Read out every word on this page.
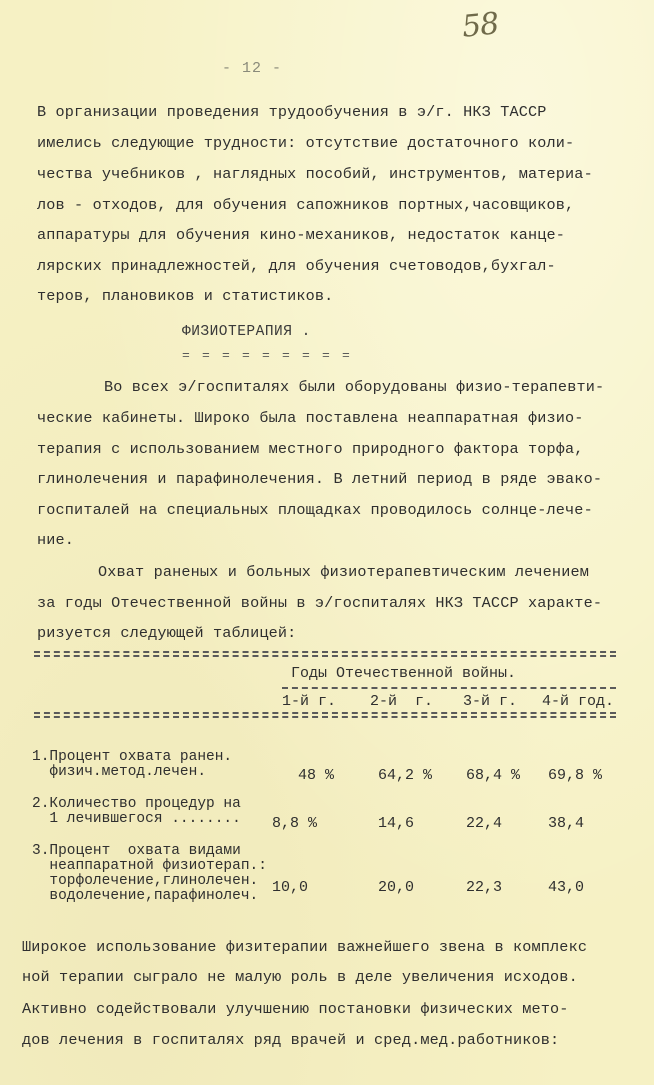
58
- 12 -
В организации проведения трудообучения в э/г. НКЗ ТАССР
имелись следующие трудности: отсутствие достаточного коли-
чества учебников , наглядных пособий, инструментов, материа-
лов - отходов, для обучения сапожников портных,часовщиков,
аппаратуры для обучения кино-механиков, недостаток канце-
лярских принадлежностей, для обучения счетоводов,бухгал-
теров, плановиков и статистиков.
ФИЗИОТЕРАПИЯ .
= = = = = = = = =
Во всех э/госпиталях были оборудованы физио-терапевти-
ческие кабинеты. Широко была поставлена неаппаратная физио-
терапия с использованием местного природного фактора торфа,
глинолечения и парафинолечения. В летний период в ряде эвако-
госпиталей на специальных площадках проводилось солнце-лече-
ние.
Охват раненых и больных физиотерапевтическим лечением
за годы Отечественной войны в э/госпиталях НКЗ ТАССР характе-
ризуется следующей таблицей:
Годы Отечественной войны.
1-й г. 2-й  г. 3-й г. 4-й год.
1.Процент охвата ранен.
физич.метод.лечен.	48 %	64,2 % 68,4 % 69,8 %
2.Количество процедур на
1 лечившегося ........ 8,8 %	14,6	22,4	38,4
3.Процент  охвата видами
неаппаратной физиотерап.:
торфолечение,глинолечен.
водолечение,парафинолеч. 10,0	20,0	22,3	43,0
Широкое использование физитерапии важнейшего звена в комплекс
ной терапии сыграло не малую роль в деле увеличения исходов.
Активно содействовали улучшению постановки физических мето-
дов лечения в госпиталях ряд врачей и сред.мед.работников:
